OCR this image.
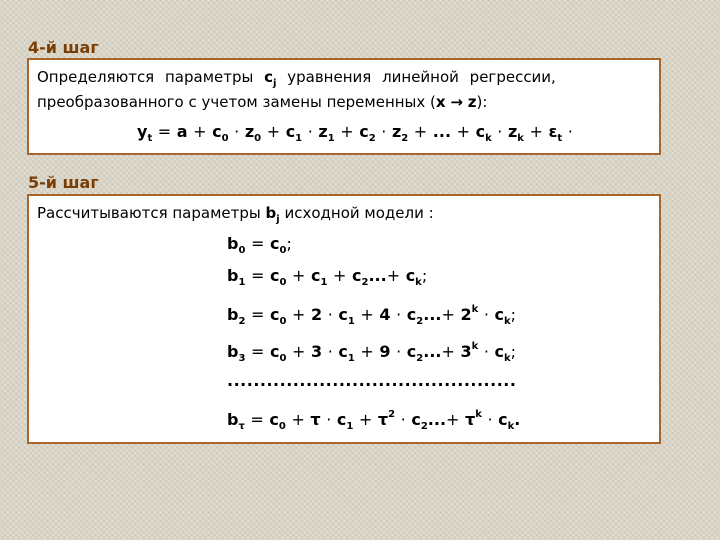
4-й шаг
Определяются параметры $c_j$ уравнения линейной регрессии,
преобразованного с учетом замены переменных (x → z):
$y_t = a + c_0 \cdot z_0 + c_1 \cdot z_1 + c_2 \cdot z_2$ + ... + $c_k \cdot z_k + \varepsilon_t$ ·
5-й шаг
Рассчитываются параметры $b_j$ исходной модели :
$b_0 = c_0$;
$b_1 = c_0 + c_1 + c_2...+ c_k$;
$b_2 = c_0 + 2 \cdot c_1 + 4 \cdot c_2...+ 2^k \cdot c_k$;
$b_3 = c_0 + 3 \cdot c_1 + 9 \cdot c_2...+ 3^k \cdot c_k$;
............................................
$b_\tau = c_0 + \tau \cdot c_1 + \tau^2 \cdot c_2...+ \tau^k \cdot c_k$.
